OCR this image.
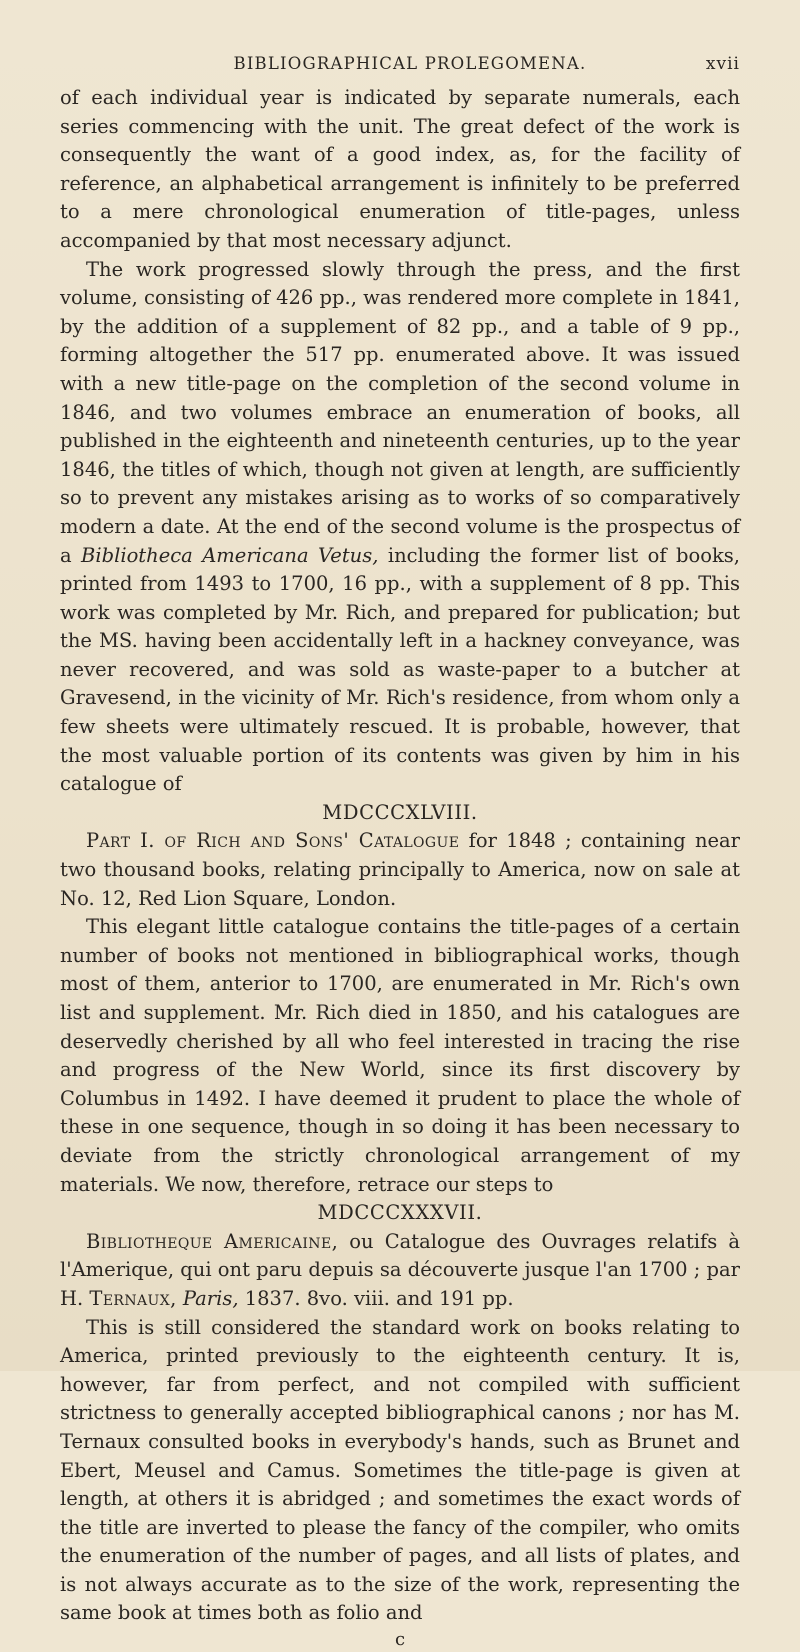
BIBLIOGRAPHICAL PROLEGOMENA.	xvii

of each individual year is indicated by separate numerals, each series commencing with the unit. The great defect of the work is consequently the want of a good index, as, for the facility of reference, an alphabetical arrangement is infinitely to be preferred to a mere chronological enumeration of title-pages, unless accompanied by that most necessary adjunct.

The work progressed slowly through the press, and the first volume, consisting of 426 pp., was rendered more complete in 1841, by the addition of a supplement of 82 pp., and a table of 9 pp., forming altogether the 517 pp. enumerated above. It was issued with a new title-page on the completion of the second volume in 1846, and two volumes embrace an enumeration of books, all published in the eighteenth and nineteenth centuries, up to the year 1846, the titles of which, though not given at length, are sufficiently so to prevent any mistakes arising as to works of so comparatively modern a date. At the end of the second volume is the prospectus of a Bibliotheca Americana Vetus, including the former list of books, printed from 1493 to 1700, 16 pp., with a supplement of 8 pp. This work was completed by Mr. Rich, and prepared for publication; but the MS. having been accidentally left in a hackney conveyance, was never recovered, and was sold as waste-paper to a butcher at Gravesend, in the vicinity of Mr. Rich's residence, from whom only a few sheets were ultimately rescued. It is probable, however, that the most valuable portion of its contents was given by him in his catalogue of

MDCCCXLVIII.

Part I. of Rich and Sons' Catalogue for 1848 ; containing near two thousand books, relating principally to America, now on sale at No. 12, Red Lion Square, London.

This elegant little catalogue contains the title-pages of a certain number of books not mentioned in bibliographical works, though most of them, anterior to 1700, are enumerated in Mr. Rich's own list and supplement. Mr. Rich died in 1850, and his catalogues are deservedly cherished by all who feel interested in tracing the rise and progress of the New World, since its first discovery by Columbus in 1492. I have deemed it prudent to place the whole of these in one sequence, though in so doing it has been necessary to deviate from the strictly chronological arrangement of my materials. We now, therefore, retrace our steps to

MDCCCXXXVII.

Bibliotheque Americaine, ou Catalogue des Ouvrages relatifs à l'Amerique, qui ont paru depuis sa découverte jusque l'an 1700 ; par H. Ternaux, Paris, 1837. 8vo. viii. and 191 pp.

This is still considered the standard work on books relating to America, printed previously to the eighteenth century. It is, however, far from perfect, and not compiled with sufficient strictness to generally accepted bibliographical canons ; nor has M. Ternaux consulted books in everybody's hands, such as Brunet and Ebert, Meusel and Camus. Sometimes the title-page is given at length, at others it is abridged ; and sometimes the exact words of the title are inverted to please the fancy of the compiler, who omits the enumeration of the number of pages, and all lists of plates, and is not always accurate as to the size of the work, representing the same book at times both as folio and

c
